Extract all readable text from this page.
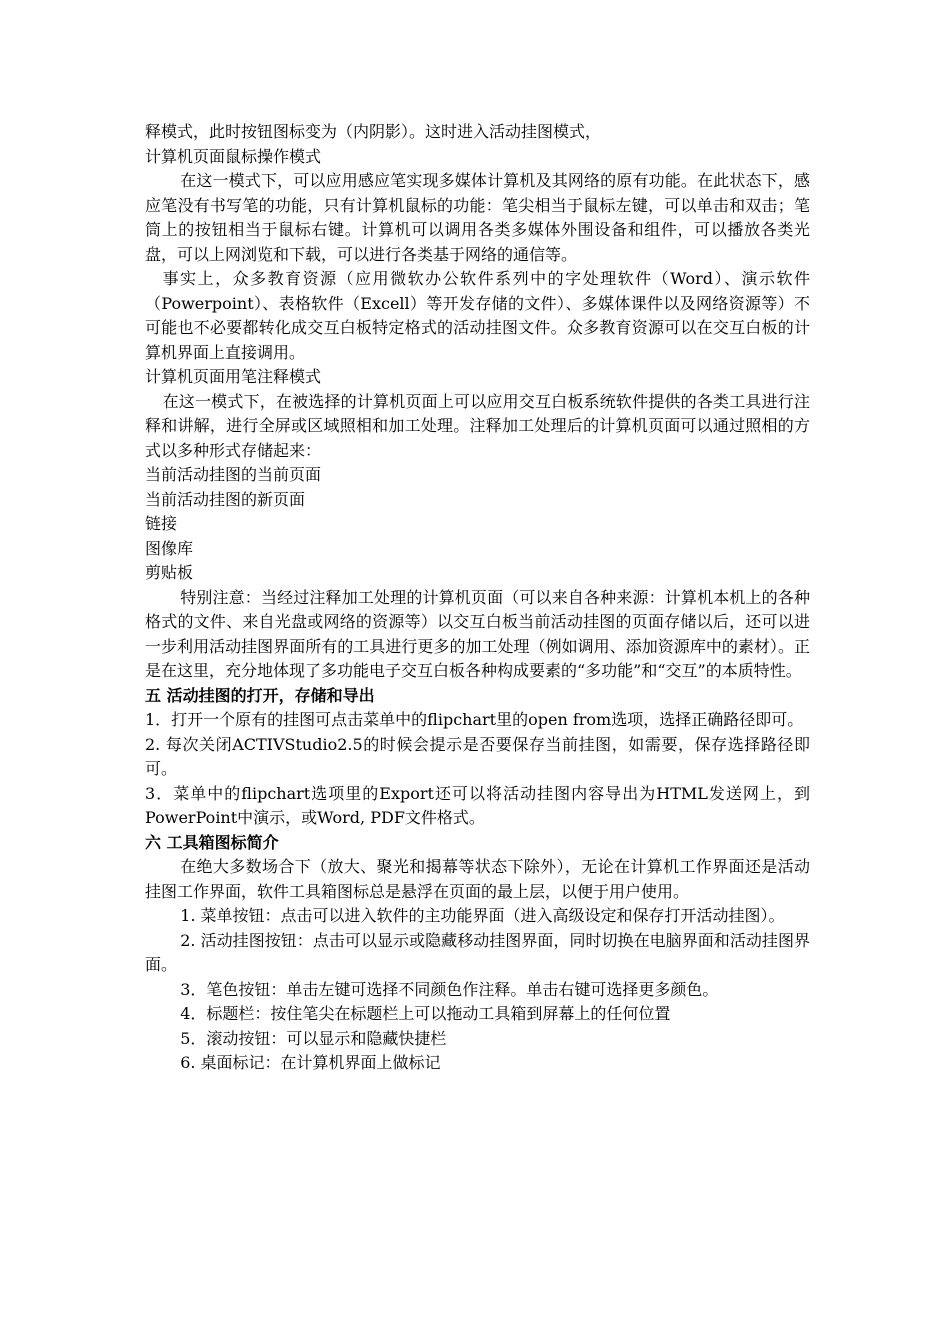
释模式，此时按钮图标变为（内阴影）。这时进入活动挂图模式，

计算机页面鼠标操作模式

在这一模式下，可以应用感应笔实现多媒体计算机及其网络的原有功能。在此状态下，感应笔没有书写笔的功能，只有计算机鼠标的功能：笔尖相当于鼠标左键，可以单击和双击；笔筒上的按钮相当于鼠标右键。计算机可以调用各类多媒体外围设备和组件，可以播放各类光盘，可以上网浏览和下载，可以进行各类基于网络的通信等。

事实上，众多教育资源（应用微软办公软件系列中的字处理软件（Word）、演示软件（Powerpoint）、表格软件（Excell）等开发存储的文件）、多媒体课件以及网络资源等）不可能也不必要都转化成交互白板特定格式的活动挂图文件。众多教育资源可以在交互白板的计算机界面上直接调用。

计算机页面用笔注释模式

在这一模式下，在被选择的计算机页面上可以应用交互白板系统软件提供的各类工具进行注释和讲解，进行全屏或区域照相和加工处理。注释加工处理后的计算机页面可以通过照相的方式以多种形式存储起来：

当前活动挂图的当前页面

当前活动挂图的新页面

链接

图像库

剪贴板

特别注意：当经过注释加工处理的计算机页面（可以来自各种来源：计算机本机上的各种格式的文件、来自光盘或网络的资源等）以交互白板当前活动挂图的页面存储以后，还可以进一步利用活动挂图界面所有的工具进行更多的加工处理（例如调用、添加资源库中的素材）。正是在这里，充分地体现了多功能电子交互白板各种构成要素的“多功能”和“交互”的本质特性。

五 活动挂图的打开，存储和导出

1．打开一个原有的挂图可点击菜单中的flipchart里的open from选项，选择正确路径即可。

2. 每次关闭ACTIVStudio2.5的时候会提示是否要保存当前挂图，如需要，保存选择路径即可。

3．菜单中的flipchart选项里的Export还可以将活动挂图内容导出为HTML发送网上，到PowerPoint中演示，或Word, PDF文件格式。

六 工具箱图标简介

在绝大多数场合下（放大、聚光和揭幕等状态下除外），无论在计算机工作界面还是活动挂图工作界面，软件工具箱图标总是悬浮在页面的最上层，以便于用户使用。

1. 菜单按钮：点击可以进入软件的主功能界面（进入高级设定和保存打开活动挂图）。

2. 活动挂图按钮：点击可以显示或隐藏移动挂图界面，同时切换在电脑界面和活动挂图界面。

3．笔色按钮：单击左键可选择不同颜色作注释。单击右键可选择更多颜色。

4．标题栏：按住笔尖在标题栏上可以拖动工具箱到屏幕上的任何位置

5．滚动按钮：可以显示和隐藏快捷栏

6. 桌面标记：在计算机界面上做标记
